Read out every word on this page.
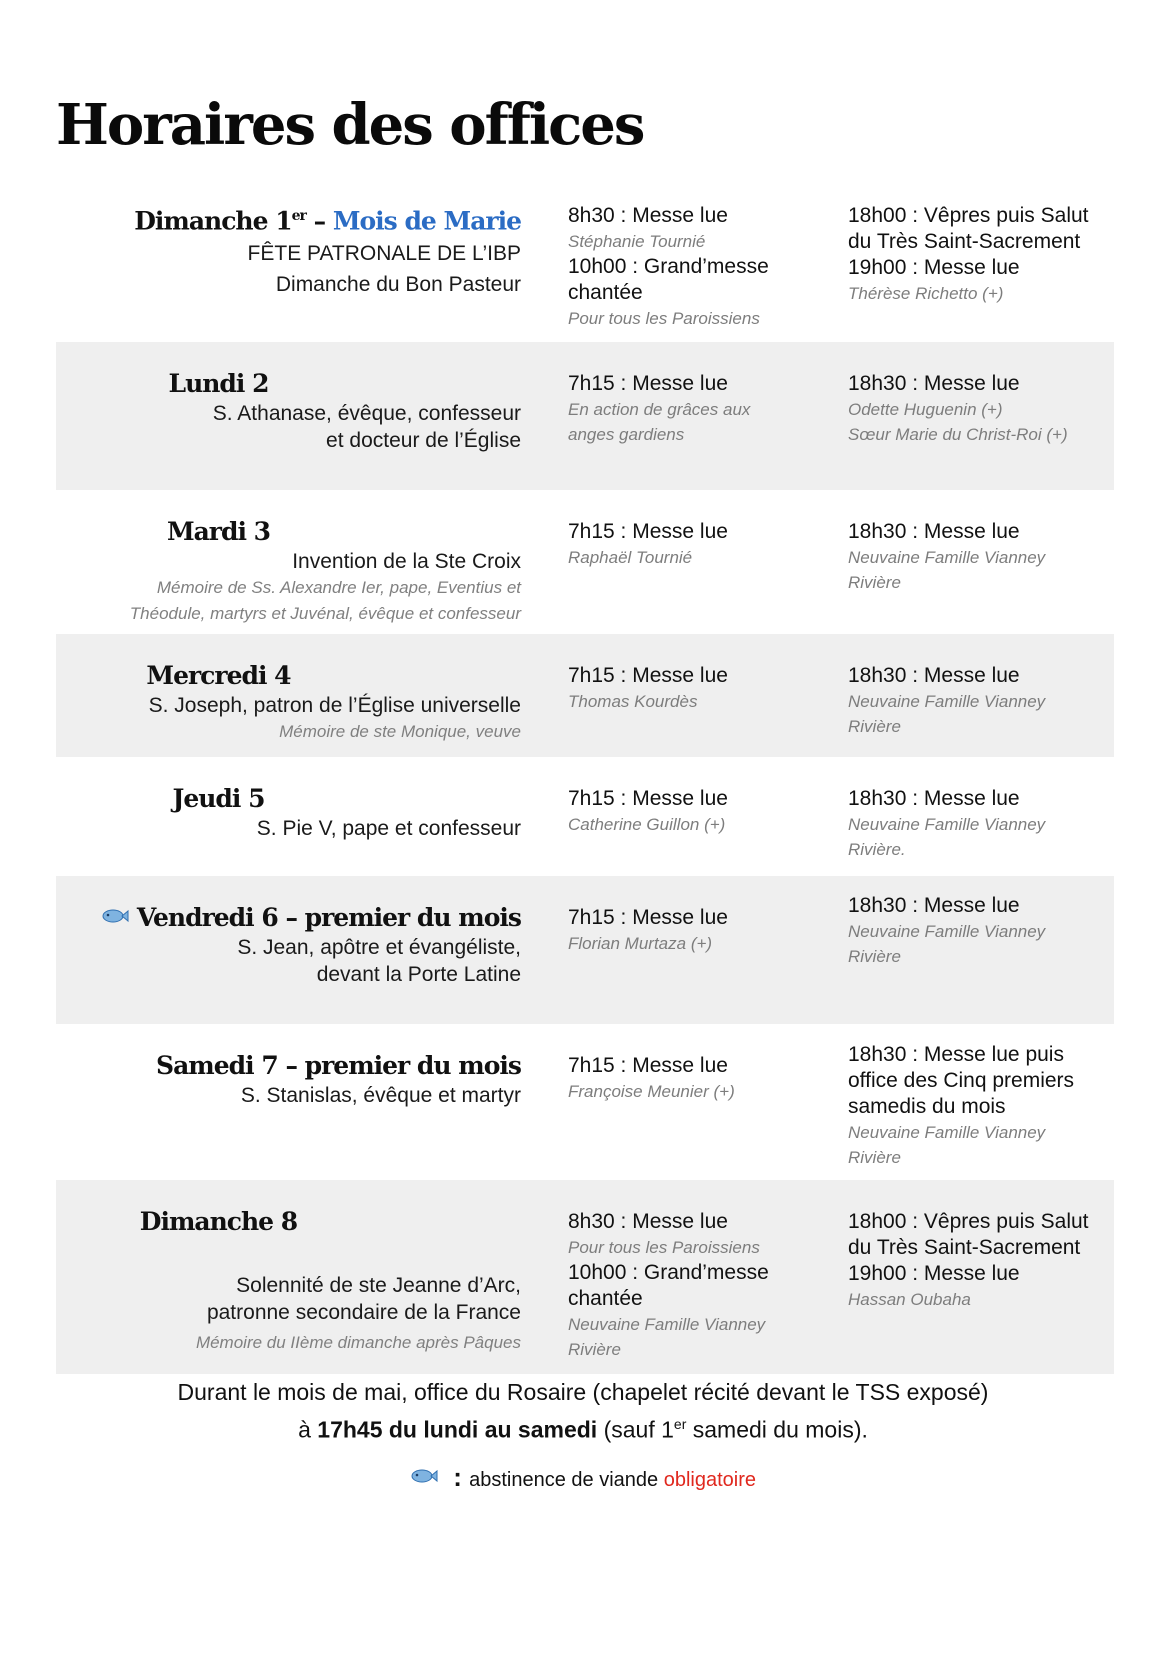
Horaires des offices
Dimanche 1er – Mois de Marie
FÊTE PATRONALE DE L’IBP
Dimanche du Bon Pasteur
8h30 : Messe lue
Stéphanie Tournié
10h00 : Grand’messe chantée
Pour tous les Paroissiens
18h00 : Vêpres puis Salut du Très Saint-Sacrement
19h00 : Messe lue
Thérèse Richetto (+)
Lundi 2
S. Athanase, évêque, confesseur
et docteur de l’Église
7h15 : Messe lue
En action de grâces aux
anges gardiens
18h30 : Messe lue
Odette Huguenin (+)
Sœur Marie du Christ-Roi (+)
Mardi 3
Invention de la Ste Croix
Mémoire de Ss. Alexandre Ier, pape, Eventius et
Théodule, martyrs et Juvénal, évêque et confesseur
7h15 : Messe lue
Raphaël Tournié
18h30 : Messe lue
Neuvaine Famille Vianney
Rivière
Mercredi 4
S. Joseph, patron de l’Église universelle
Mémoire de ste Monique, veuve
7h15 : Messe lue
Thomas Kourdès
18h30 : Messe lue
Neuvaine Famille Vianney
Rivière
Jeudi 5
S. Pie V, pape et confesseur
7h15 : Messe lue
Catherine Guillon (+)
18h30 : Messe lue
Neuvaine Famille Vianney
Rivière.
Vendredi 6 – premier du mois
S. Jean, apôtre et évangéliste,
devant la Porte Latine
7h15 : Messe lue
Florian Murtaza (+)
18h30 : Messe lue
Neuvaine Famille Vianney
Rivière
Samedi 7 – premier du mois
S. Stanislas, évêque et martyr
7h15 : Messe lue
Françoise Meunier (+)
18h30 : Messe lue puis office des Cinq premiers samedis du mois
Neuvaine Famille Vianney
Rivière
Dimanche 8
Solennité de ste Jeanne d’Arc,
patronne secondaire de la France
Mémoire du IIème dimanche après Pâques
8h30 : Messe lue
Pour tous les Paroissiens
10h00 : Grand’messe chantée
Neuvaine Famille Vianney
Rivière
18h00 : Vêpres puis Salut du Très Saint-Sacrement
19h00 : Messe lue
Hassan Oubaha
Durant le mois de mai, office du Rosaire (chapelet récité devant le TSS exposé)
à 17h45 du lundi au samedi (sauf 1er samedi du mois).
: abstinence de viande obligatoire
